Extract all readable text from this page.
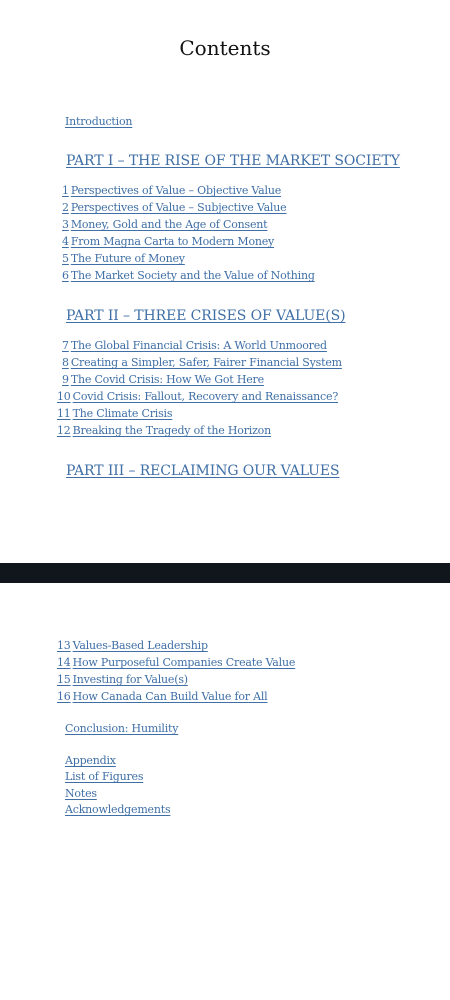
Contents
Introduction
PART I – THE RISE OF THE MARKET SOCIETY
1 Perspectives of Value – Objective Value
2 Perspectives of Value – Subjective Value
3 Money, Gold and the Age of Consent
4 From Magna Carta to Modern Money
5 The Future of Money
6 The Market Society and the Value of Nothing
PART II – THREE CRISES OF VALUE(S)
7 The Global Financial Crisis: A World Unmoored
8 Creating a Simpler, Safer, Fairer Financial System
9 The Covid Crisis: How We Got Here
10 Covid Crisis: Fallout, Recovery and Renaissance?
11 The Climate Crisis
12 Breaking the Tragedy of the Horizon
PART III – RECLAIMING OUR VALUES
13 Values-Based Leadership
14 How Purposeful Companies Create Value
15 Investing for Value(s)
16 How Canada Can Build Value for All
Conclusion: Humility
Appendix
List of Figures
Notes
Acknowledgements
